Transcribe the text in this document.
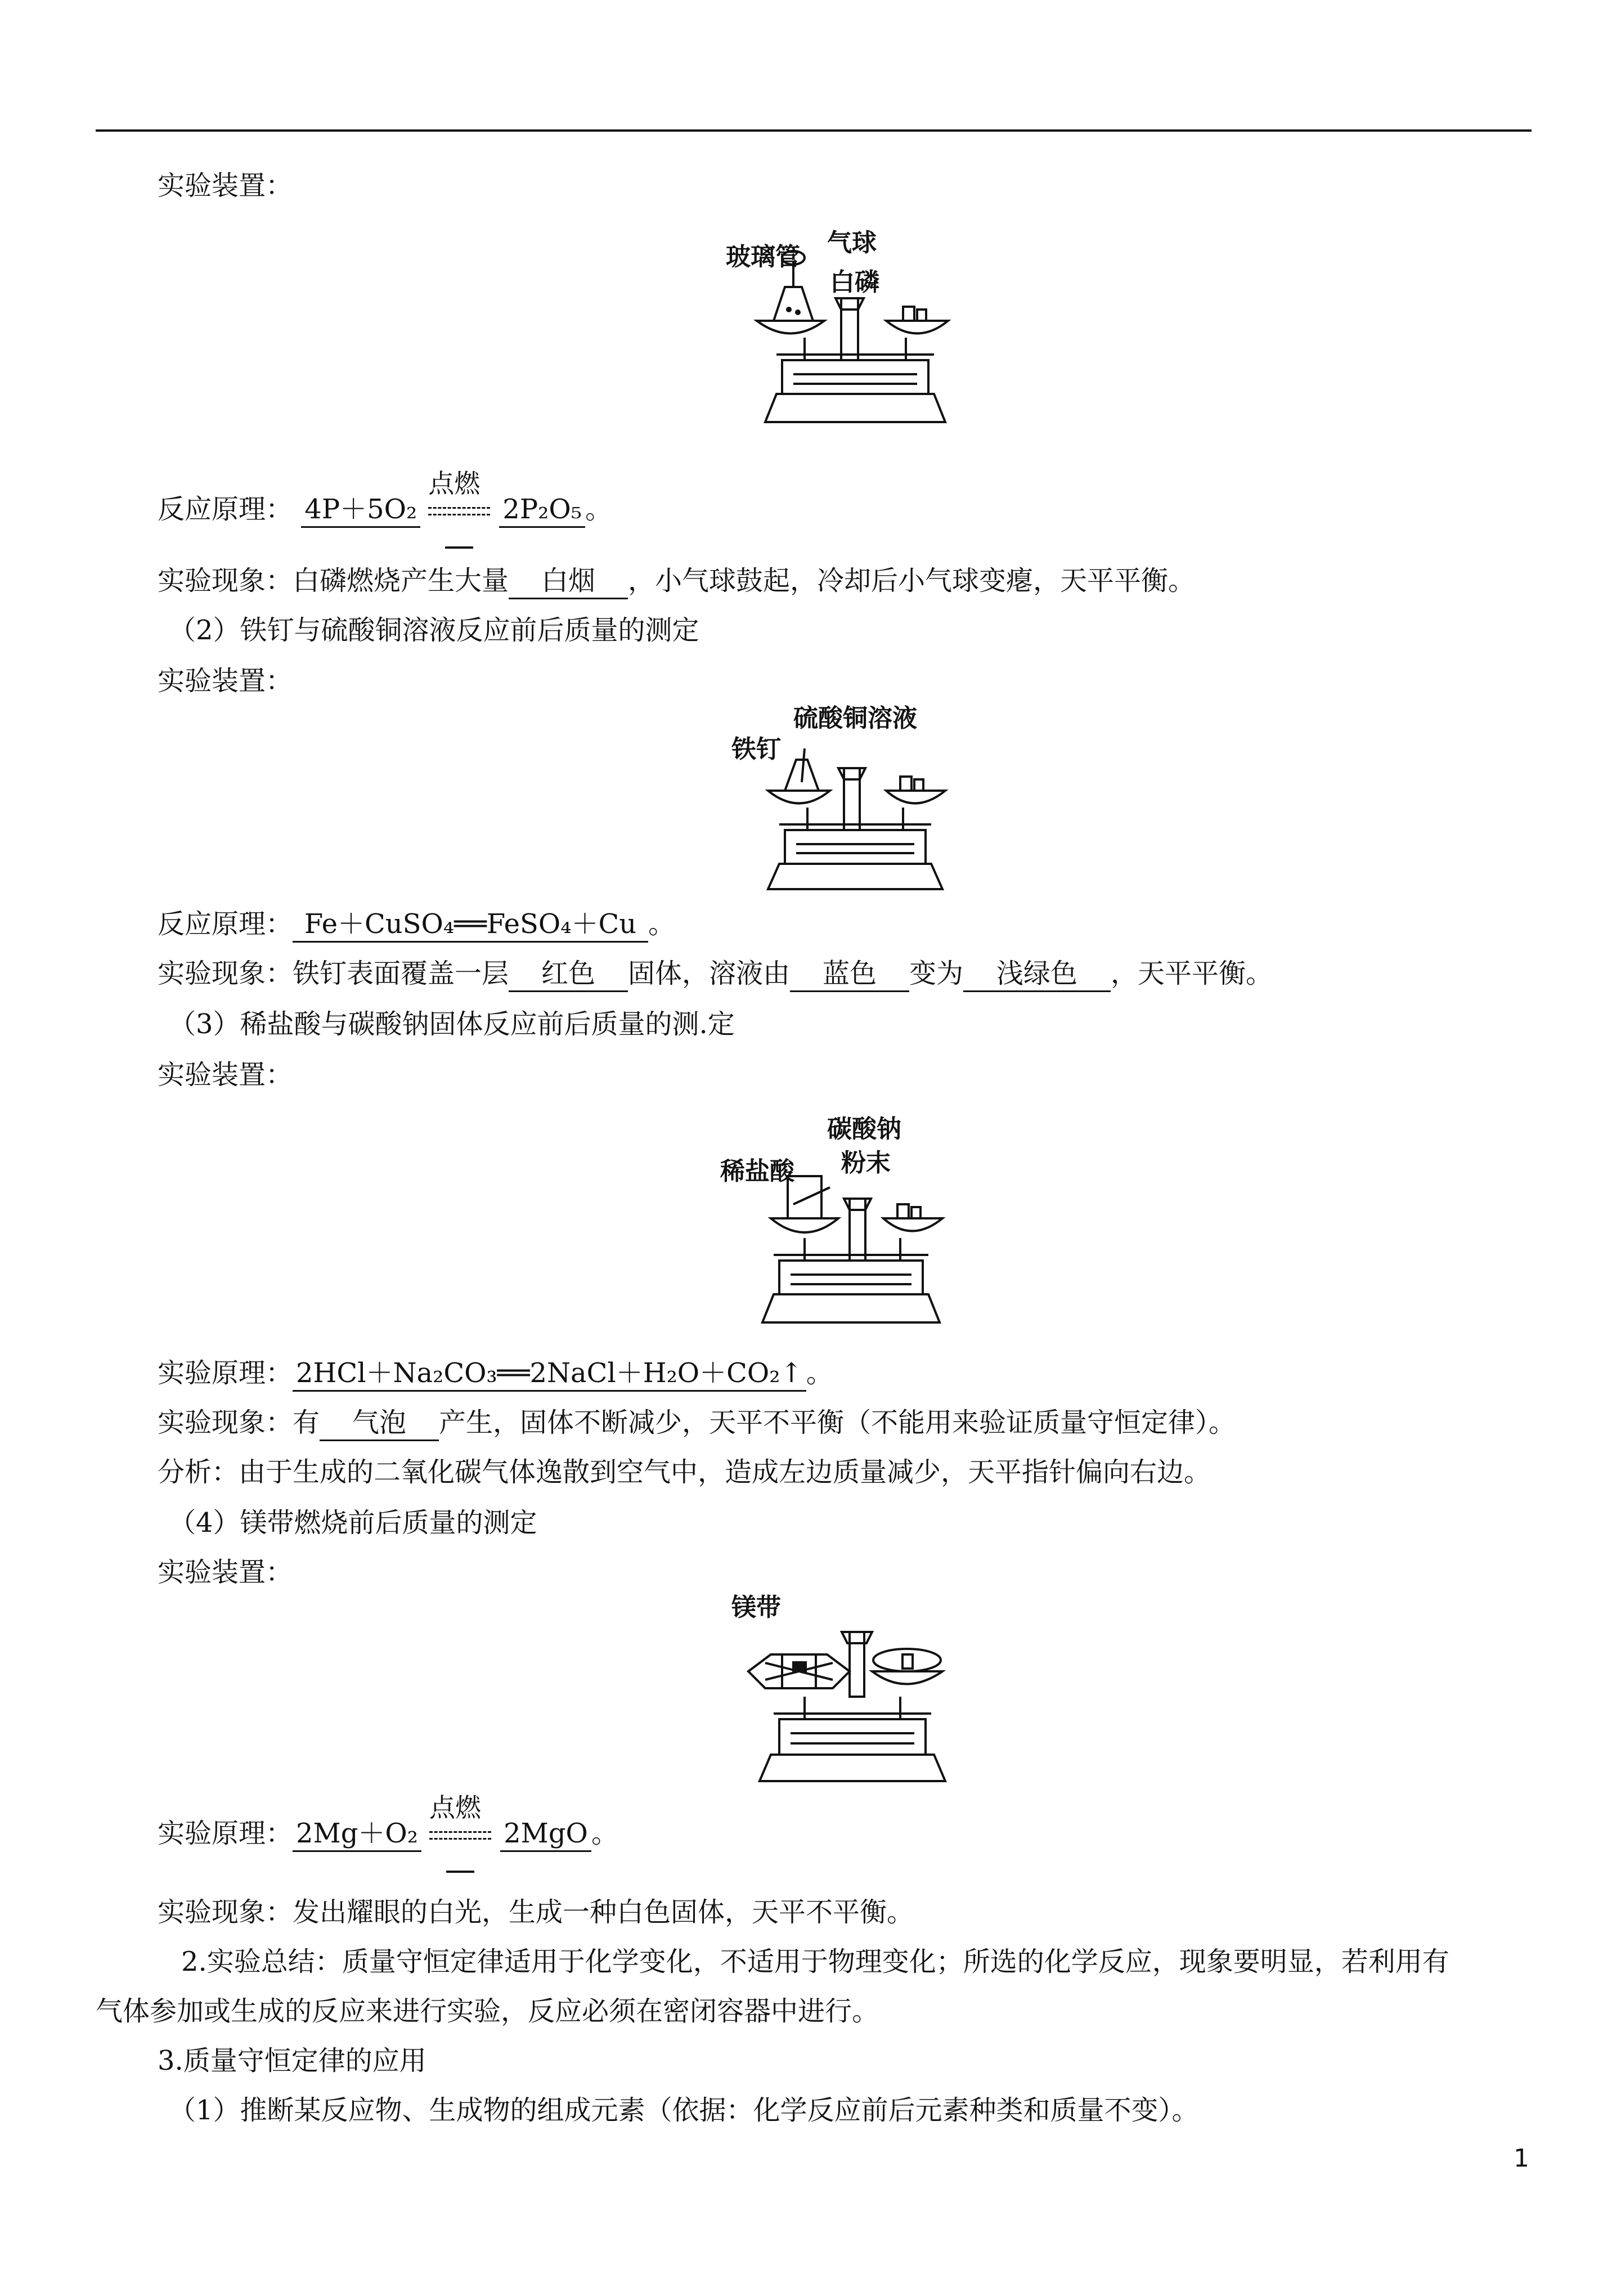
实验装置：
玻璃管 气球
白磷
反应原理： 4P＋5O₂
点燃
2P₂O₅ 。
实验现象：白磷燃烧产生大量 白烟 ，小气球鼓起，冷却后小气球变瘪，天平平衡。
（2）铁钉与硫酸铜溶液反应前后质量的测定
实验装置：
铁钉
硫酸铜溶液
反应原理： Fe＋CuSO₄══FeSO₄＋Cu 。
实验现象：铁钉表面覆盖一层 红色 固体，溶液由 蓝色 变为 浅绿色 ，天平平衡。
（3）稀盐酸与碳酸钠固体反应前后质量的测.定
实验装置：
稀盐酸
碳酸钠
粉末
实验原理： 2HCl＋Na₂CO₃══2NaCl＋H₂O＋CO₂↑ 。
实验现象：有 气泡 产生，固体不断减少，天平不平衡（不能用来验证质量守恒定律）。
分析：由于生成的二氧化碳气体逸散到空气中，造成左边质量减少，天平指针偏向右边。
（4）镁带燃烧前后质量的测定
实验装置：
镁带
实验原理： 2Mg＋O₂
点燃
2MgO 。
实验现象：发出耀眼的白光，生成一种白色固体，天平不平衡。
2.实验总结：质量守恒定律适用于化学变化，不适用于物理变化；所选的化学反应，现象要明显，若利用有
气体参加或生成的反应来进行实验，反应必须在密闭容器中进行。
3.质量守恒定律的应用
（1）推断某反应物、生成物的组成元素（依据：化学反应前后元素种类和质量不变）。
1
